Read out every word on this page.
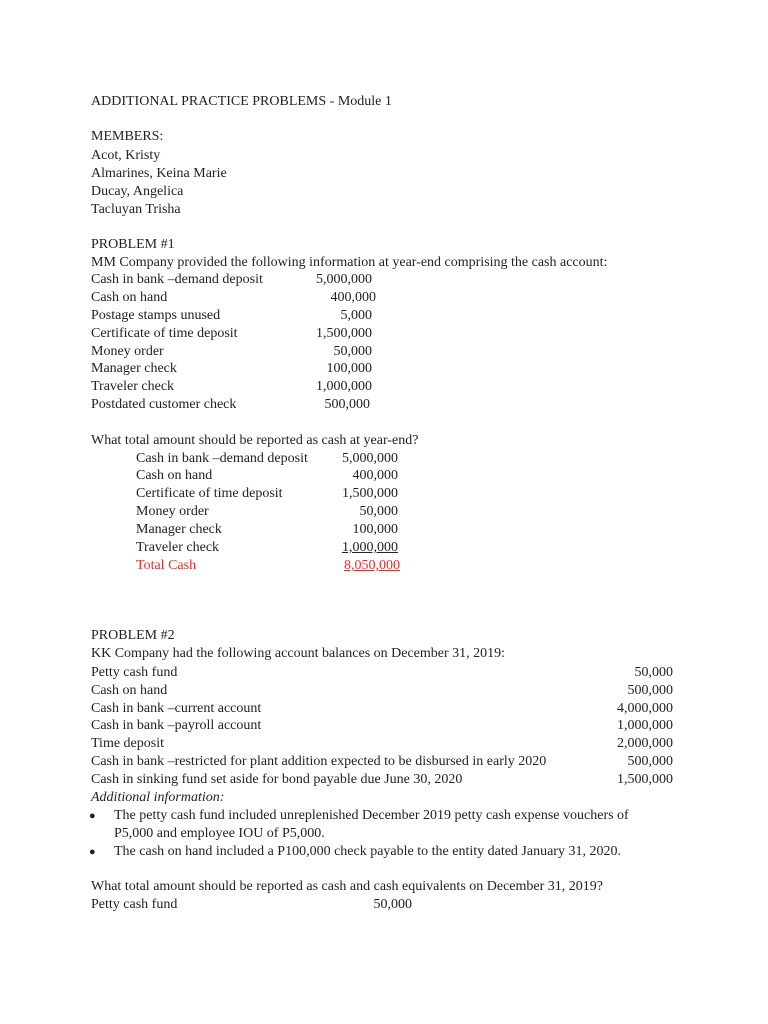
ADDITIONAL PRACTICE PROBLEMS - Module 1
MEMBERS:
Acot, Kristy
Almarines, Keina Marie
Ducay, Angelica
Tacluyan Trisha
PROBLEM #1
MM Company provided the following information at year-end comprising the cash account:
Cash in bank –demand deposit	5,000,000
Cash on hand	400,000
Postage stamps unused	5,000
Certificate of time deposit	1,500,000
Money order	50,000
Manager check	100,000
Traveler check	1,000,000
Postdated customer check	500,000
What total amount should be reported as cash at year-end?
Cash in bank –demand deposit 5,000,000
Cash on hand	400,000
Certificate of time deposit	1,500,000
Money order	50,000
Manager check	100,000
Traveler check	1,000,000
Total Cash	8,050,000
PROBLEM #2
KK Company had the following account balances on December 31, 2019:
Petty cash fund	50,000
Cash on hand	500,000
Cash in bank –current account	4,000,000
Cash in bank –payroll account	1,000,000
Time deposit	2,000,000
Cash in bank –restricted for plant addition expected to be disbursed in early 2020	500,000
Cash in sinking fund set aside for bond payable due June 30, 2020	1,500,000
Additional information:
● The petty cash fund included unreplenished December 2019 petty cash expense vouchers of
P5,000 and employee IOU of P5,000.
● The cash on hand included a P100,000 check payable to the entity dated January 31, 2020.
What total amount should be reported as cash and cash equivalents on December 31, 2019?
Petty cash fund	50,000
